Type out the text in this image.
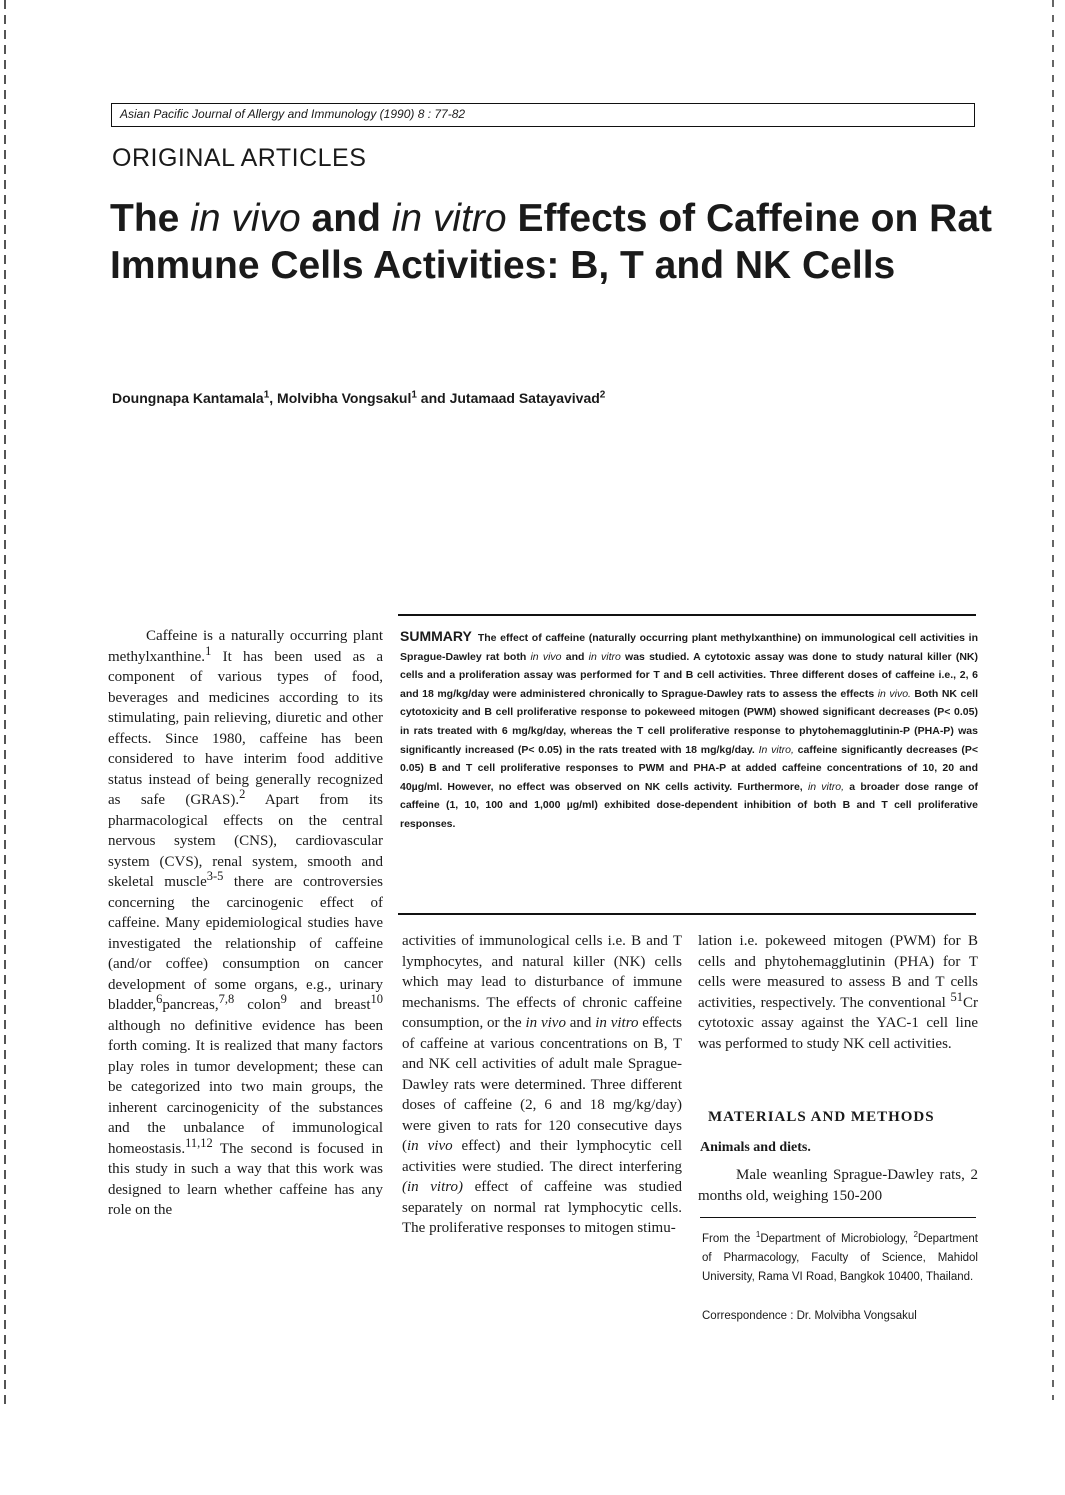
Asian Pacific Journal of Allergy and Immunology (1990) 8 : 77-82
ORIGINAL ARTICLES
The in vivo and in vitro Effects of Caffeine on Rat Immune Cells Activities: B, T and NK Cells
Doungnapa Kantamala$^1$, Molvibha Vongsakul$^1$ and Jutamaad Satayavivad$^2$

SUMMARY The effect of caffeine (naturally occurring plant methylxanthine) on immunological cell activities in Sprague-Dawley rat both in vivo and in vitro was studied. A cytotoxic assay was done to study natural killer (NK) cells and a proliferation assay was performed for T and B cell activities. Three different doses of caffeine i.e., 2, 6 and 18 mg/kg/day were administered chronically to Sprague-Dawley rats to assess the effects in vivo. Both NK cell cytotoxicity and B cell proliferative response to pokeweed mitogen (PWM) showed significant decreases (P< 0.05) in rats treated with 6 mg/kg/day, whereas the T cell proliferative response to phytohemagglutinin-P (PHA-P) was significantly increased (P< 0.05) in the rats treated with 18 mg/kg/day. In vitro, caffeine significantly decreases (P< 0.05) B and T cell proliferative responses to PWM and PHA-P at added caffeine concentrations of 10, 20 and 40µg/ml. However, no effect was observed on NK cells activity. Furthermore, in vitro, a broader dose range of caffeine (1, 10, 100 and 1,000 µg/ml) exhibited dose-dependent inhibition of both B and T cell proliferative responses.

Caffeine is a naturally occurring plant methylxanthine.$^1$ It has been used as a component of various types of food, beverages and medicines according to its stimulating, pain relieving, diuretic and other effects. Since 1980, caffeine has been considered to have interim food additive status instead of being generally recognized as safe (GRAS).$^2$ Apart from its pharmacological effects on the central nervous system (CNS), cardiovascular system (CVS), renal system, smooth and skeletal muscle$^{3-5}$ there are controversies concerning the carcinogenic effect of caffeine. Many epidemiological studies have investigated the relationship of caffeine (and/or coffee) consumption on cancer development of some organs, e.g., urinary bladder,$^6$pancreas,$^{7,8}$ colon$^9$ and breast$^{10}$ although no definitive evidence has been forth coming. It is realized that many factors play roles in tumor development; these can be categorized into two main groups, the inherent carcinogenicity of the substances and the unbalance of immunological homeostasis.$^{11,12}$ The second is focused in this study in such a way that this work was designed to learn whether caffeine has any role on the

activities of immunological cells i.e. B and T lymphocytes, and natural killer (NK) cells which may lead to disturbance of immune mechanisms. The effects of chronic caffeine consumption, or the in vivo and in vitro effects of caffeine at various concentrations on B, T and NK cell activities of adult male Sprague-Dawley rats were determined. Three different doses of caffeine (2, 6 and 18 mg/kg/day) were given to rats for 120 consecutive days (in vivo effect) and their lymphocytic cell activities were studied. The direct interfering (in vitro) effect of caffeine was studied separately on normal rat lymphocytic cells. The proliferative responses to mitogen stimu-

lation i.e. pokeweed mitogen (PWM) for B cells and phytohemagglutinin (PHA) for T cells were measured to assess B and T cells activities, respectively. The conventional $^{51}$Cr cytotoxic assay against the YAC-1 cell line was performed to study NK cell activities.

MATERIALS AND METHODS
Animals and diets.

Male weanling Sprague-Dawley rats, 2 months old, weighing 150-200

From the $^1$Department of Microbiology, $^2$Department of Pharmacology, Faculty of Science, Mahidol University, Rama VI Road, Bangkok 10400, Thailand.

Correspondence : Dr. Molvibha Vongsakul
